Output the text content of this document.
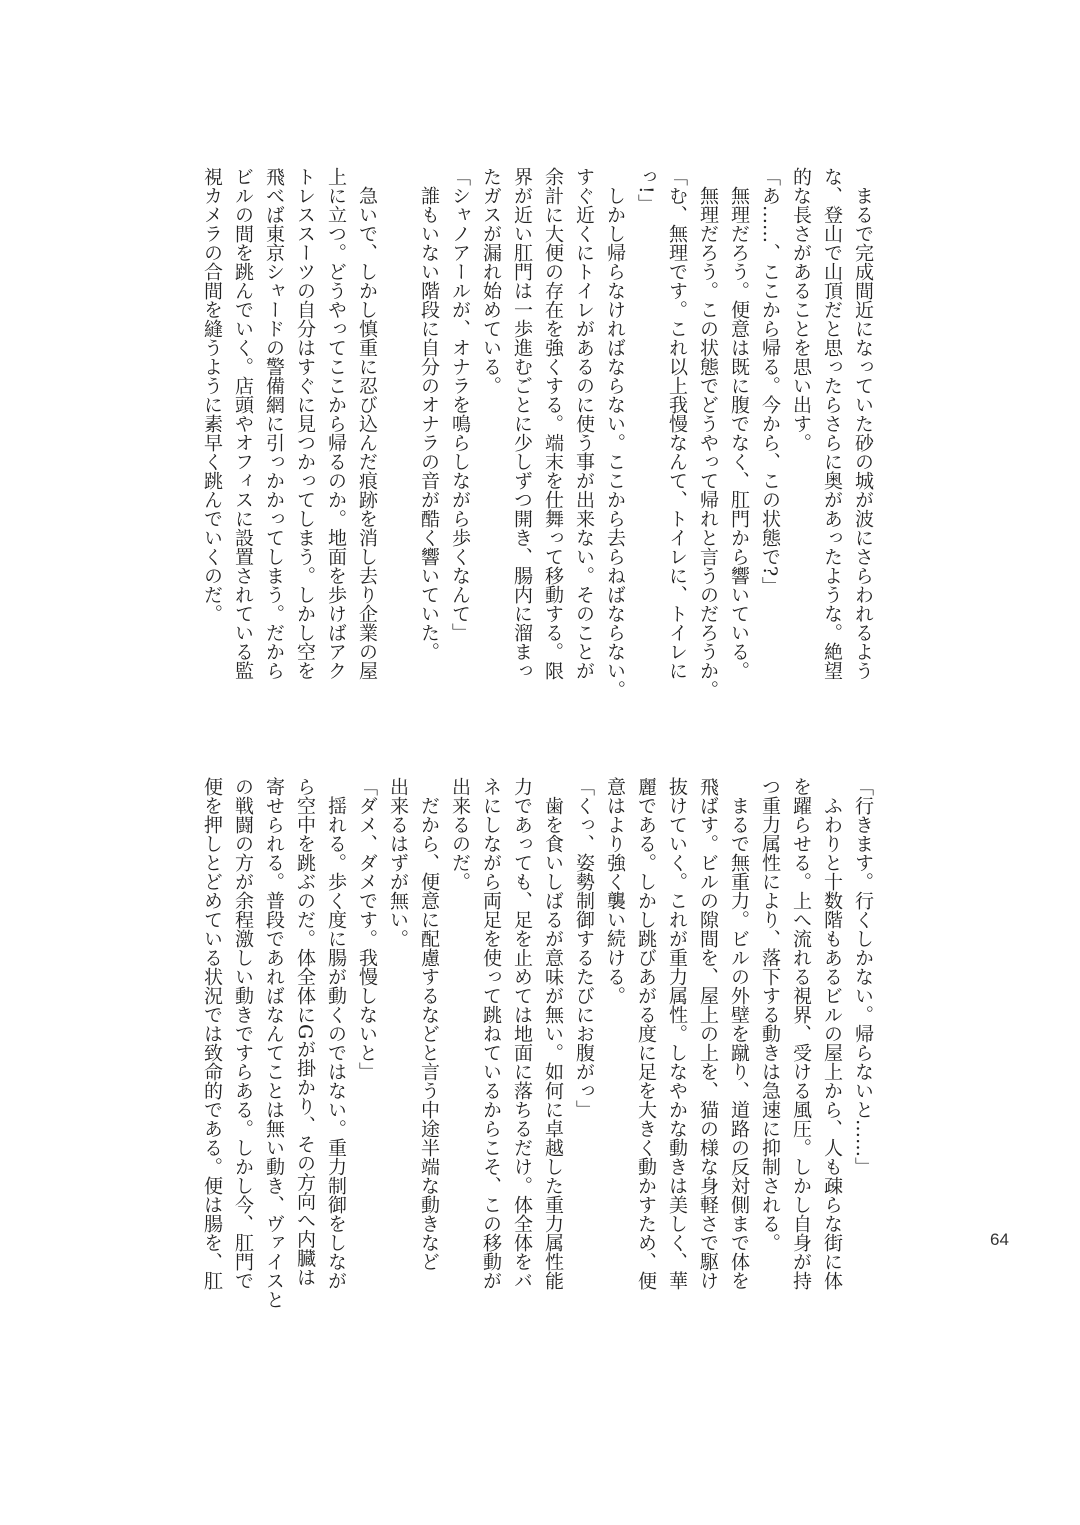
　まるで完成間近になっていた砂の城が波にさらわれるよう
な、登山で山頂だと思ったらさらに奥があったような。絶望
的な長さがあることを思い出す。
「あ……、ここから帰る。今から、この状態で?」
　無理だろう。便意は既に腹でなく、肛門から響いている。
　無理だろう。この状態でどうやって帰れと言うのだろうか。
「む、無理です。これ以上我慢なんて、トイレに、トイレに
っ!」
　しかし帰らなければならない。ここから去らねばならない。
すぐ近くにトイレがあるのに使う事が出来ない。そのことが
余計に大便の存在を強くする。端末を仕舞って移動する。限
界が近い肛門は一歩進むごとに少しずつ開き、腸内に溜まっ
たガスが漏れ始めている。
「シャノアールが、オナラを鳴らしながら歩くなんて」
　誰もいない階段に自分のオナラの音が酷く響いていた。
　急いで、しかし慎重に忍び込んだ痕跡を消し去り企業の屋
上に立つ。どうやってここから帰るのか。地面を歩けばアク
トレススーツの自分はすぐに見つかってしまう。しかし空を
飛べば東京シャードの警備網に引っかかってしまう。だから
ビルの間を跳んでいく。店頭やオフィスに設置されている監
視カメラの合間を縫うように素早く跳んでいくのだ。
「行きます。行くしかない。帰らないと……」
　ふわりと十数階もあるビルの屋上から、人も疎らな街に体
を躍らせる。上へ流れる視界、受ける風圧。しかし自身が持
つ重力属性により、落下する動きは急速に抑制される。
　まるで無重力。ビルの外壁を蹴り、道路の反対側まで体を
飛ばす。ビルの隙間を、屋上の上を、猫の様な身軽さで駆け
抜けていく。これが重力属性。しなやかな動きは美しく、華
麗である。しかし跳びあがる度に足を大きく動かすため、便
意はより強く襲い続ける。
「くっ、姿勢制御するたびにお腹がっ」
　歯を食いしばるが意味が無い。如何に卓越した重力属性能
力であっても、足を止めては地面に落ちるだけ。体全体をバ
ネにしながら両足を使って跳ねているからこそ、この移動が
出来るのだ。
　だから、便意に配慮するなどと言う中途半端な動きなど
出来るはずが無い。
「ダメ、ダメです。我慢しないと」
　揺れる。歩く度に腸が動くのではない。重力制御をしなが
ら空中を跳ぶのだ。体全体にGが掛かり、その方向へ内臓は
寄せられる。普段であればなんてことは無い動き、ヴァイスと
の戦闘の方が余程激しい動きですらある。しかし今、肛門で
便を押しとどめている状況では致命的である。便は腸を、肛	64
